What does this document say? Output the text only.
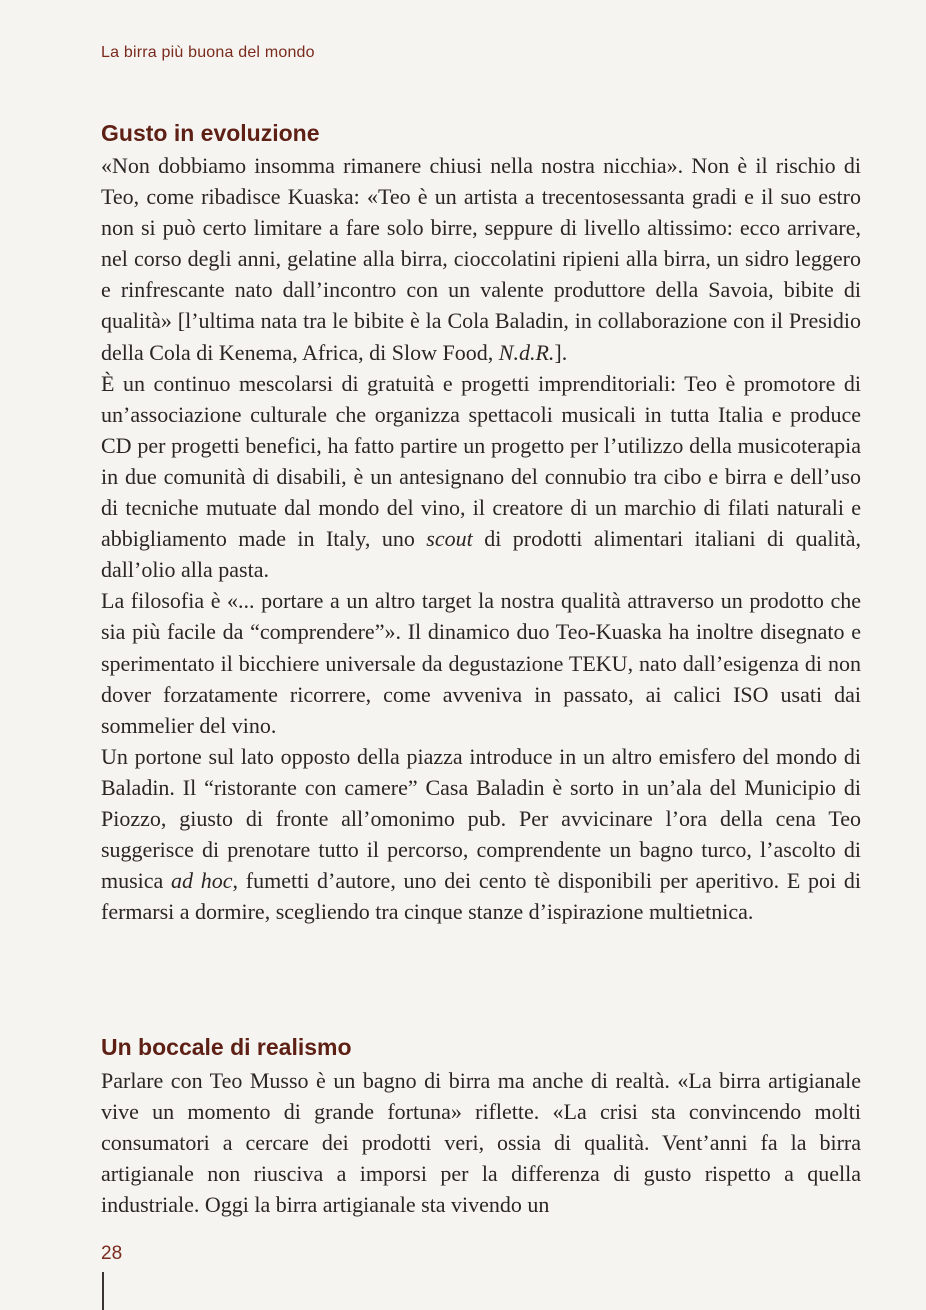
La birra più buona del mondo
Gusto in evoluzione

«Non dobbiamo insomma rimanere chiusi nella nostra nicchia». Non è il rischio di Teo, come ribadisce Kuaska: «Teo è un artista a trecentosessanta gradi e il suo estro non si può certo limitare a fare solo birre, seppure di livello altissimo: ecco arrivare, nel corso degli anni, gelatine alla birra, cioccolatini ripieni alla birra, un sidro leggero e rinfrescante nato dall’incontro con un valente produttore della Savoia, bibite di qualità» [l’ultima nata tra le bibite è la Cola Baladin, in collaborazione con il Presidio della Cola di Kenema, Africa, di Slow Food, N.d.R.].

È un continuo mescolarsi di gratuità e progetti imprenditoriali: Teo è promotore di un’associazione culturale che organizza spettacoli musicali in tutta Italia e produce CD per progetti benefici, ha fatto partire un progetto per l’utilizzo della musicoterapia in due comunità di disabili, è un antesignano del connubio tra cibo e birra e dell’uso di tecniche mutuate dal mondo del vino, il creatore di un marchio di filati naturali e abbigliamento made in Italy, uno scout di prodotti alimentari italiani di qualità, dall’olio alla pasta.

La filosofia è «... portare a un altro target la nostra qualità attraverso un prodotto che sia più facile da “comprendere”». Il dinamico duo Teo-Kuaska ha inoltre disegnato e sperimentato il bicchiere universale da degustazione TEKU, nato dall’esigenza di non dover forzatamente ricorrere, come avveniva in passato, ai calici ISO usati dai sommelier del vino.

Un portone sul lato opposto della piazza introduce in un altro emisfero del mondo di Baladin. Il “ristorante con camere” Casa Baladin è sorto in un’ala del Municipio di Piozzo, giusto di fronte all’omonimo pub. Per avvicinare l’ora della cena Teo suggerisce di prenotare tutto il percorso, comprendente un bagno turco, l’ascolto di musica ad hoc, fumetti d’autore, uno dei cento tè disponibili per aperitivo. E poi di fermarsi a dormire, scegliendo tra cinque stanze d’ispirazione multietnica.

Un boccale di realismo

Parlare con Teo Musso è un bagno di birra ma anche di realtà. «La birra artigianale vive un momento di grande fortuna» riflette. «La crisi sta convincendo molti consumatori a cercare dei prodotti veri, ossia di qualità. Vent’anni fa la birra artigianale non riusciva a imporsi per la differenza di gusto rispetto a quella industriale. Oggi la birra artigianale sta vivendo un

28
